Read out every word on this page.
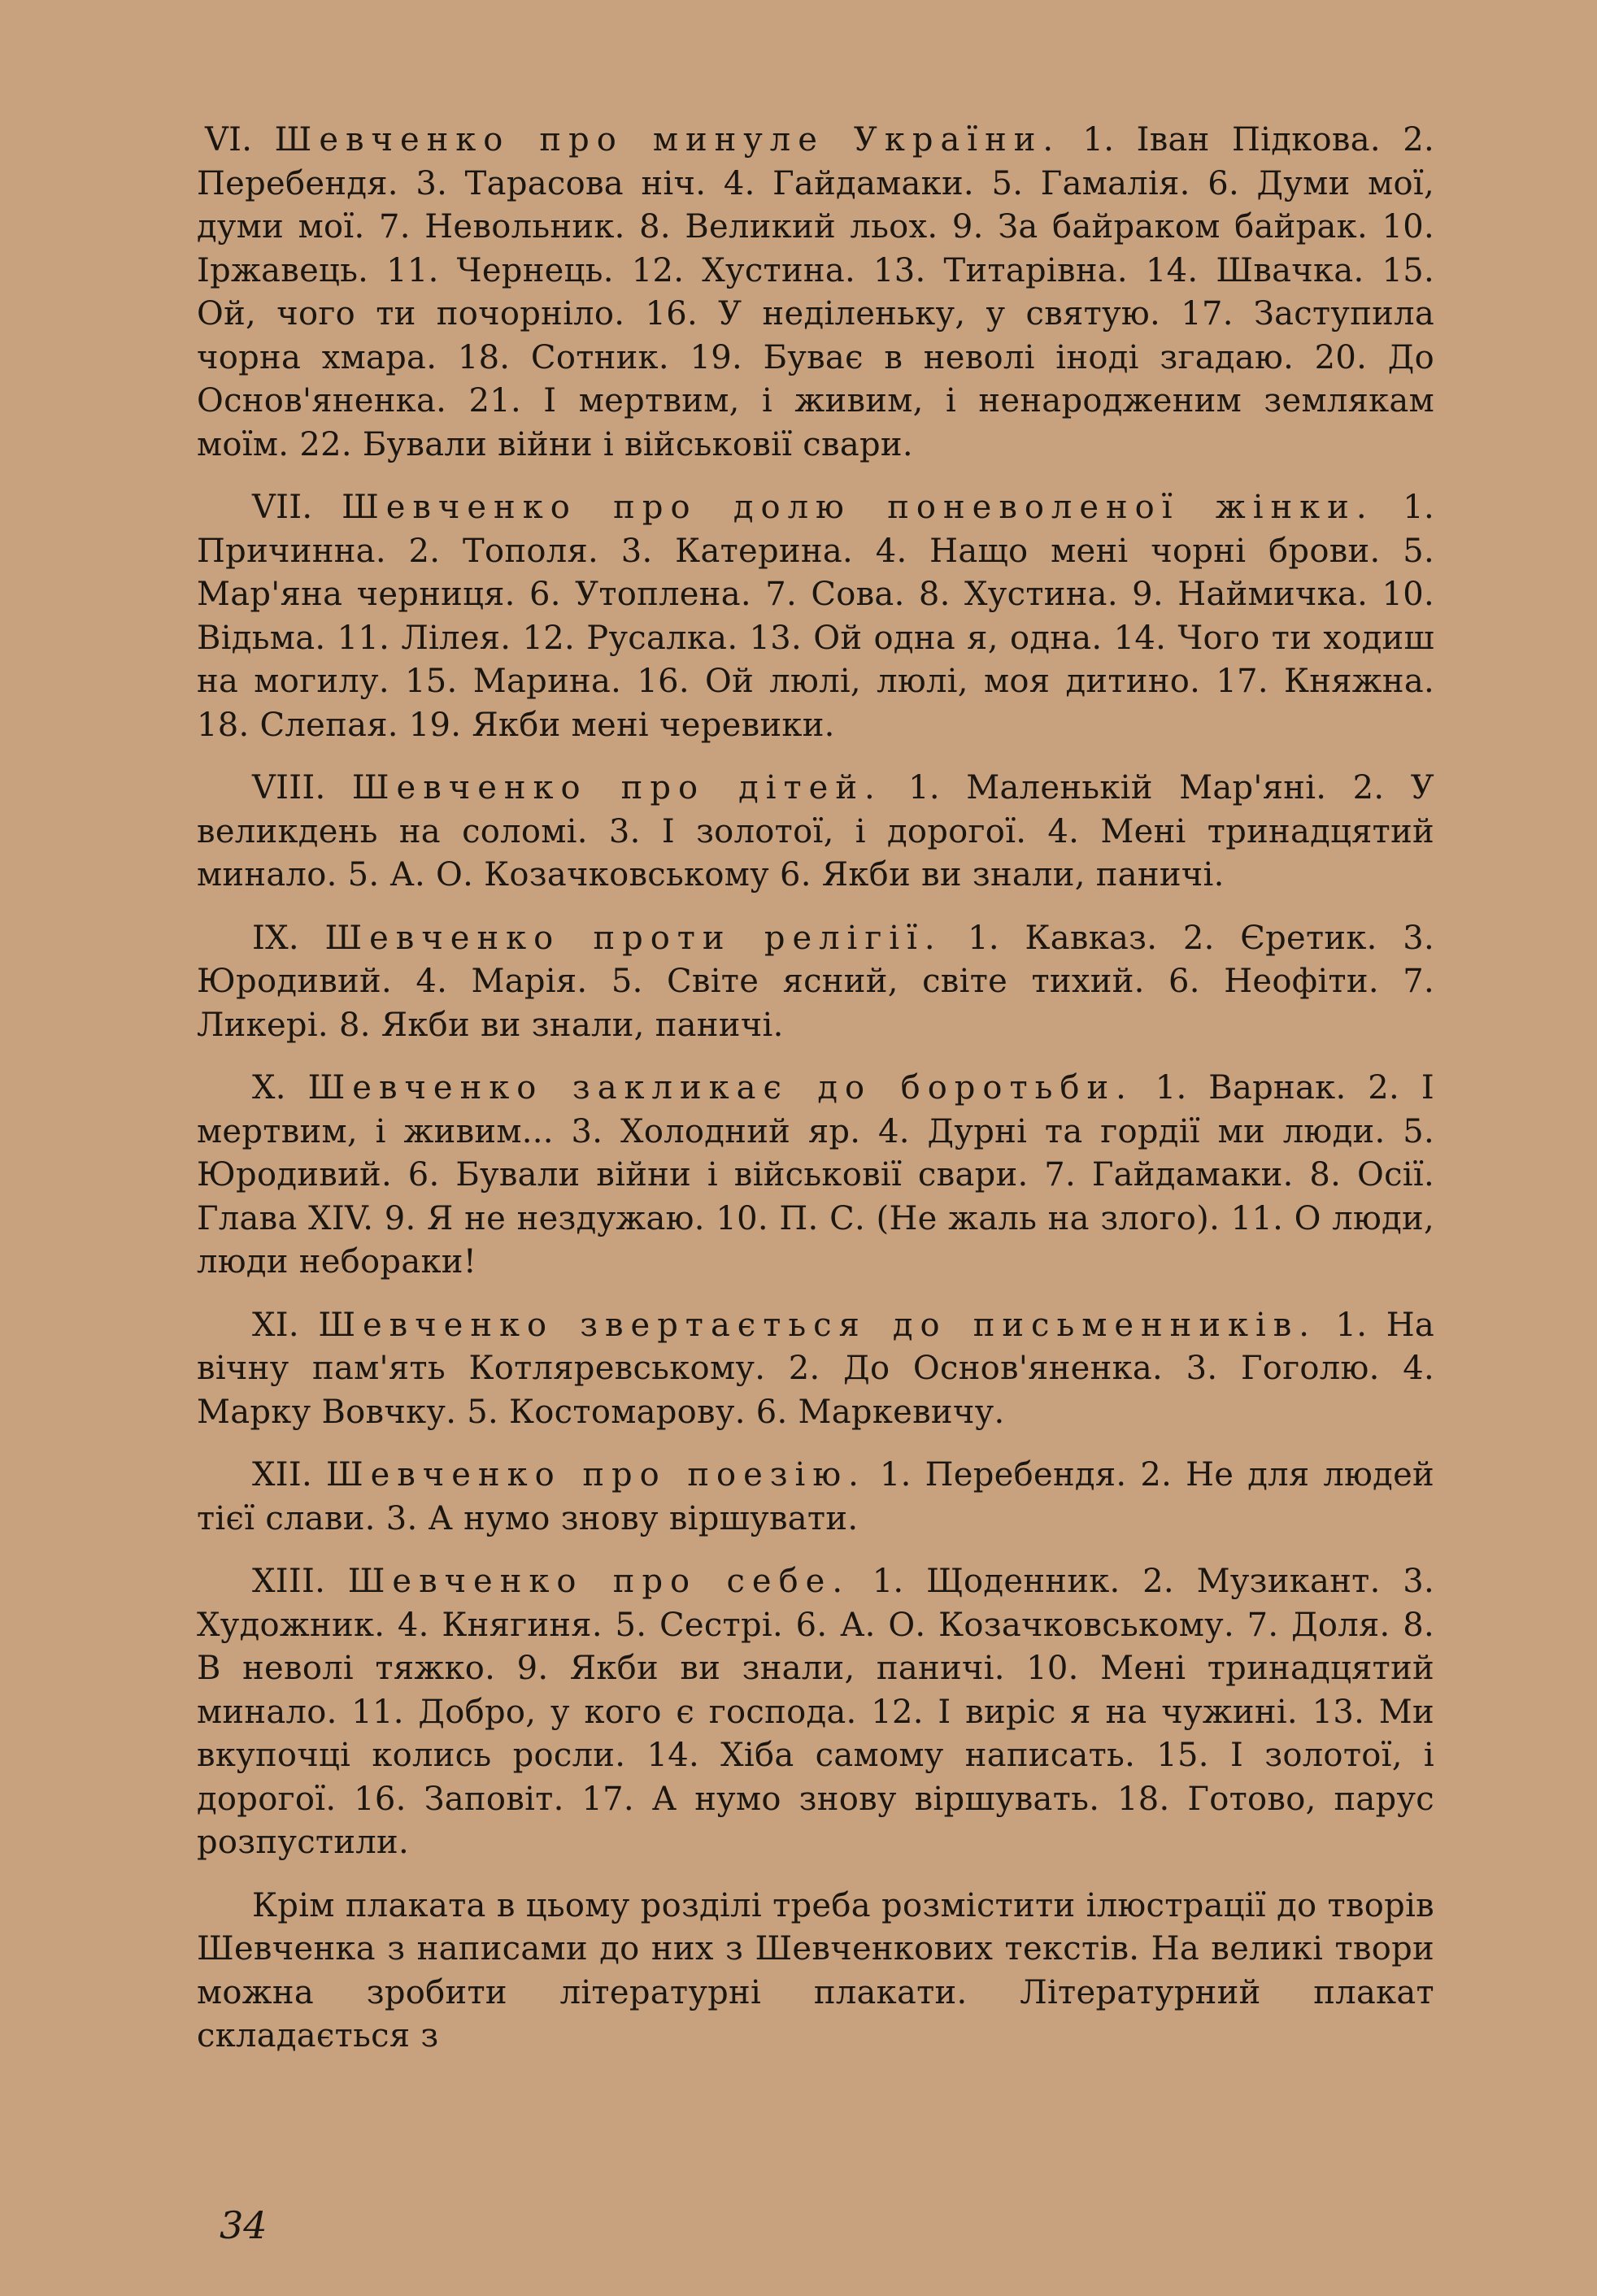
VI. Шевченко про минуле України. 1. Іван Підкова. 2. Перебендя. 3. Тарасова ніч. 4. Гайдамаки. 5. Гамалія. 6. Думи мої, думи мої. 7. Невольник. 8. Великий льох. 9. За байраком байрак. 10. Іржавець. 11. Чернець. 12. Хустина. 13. Титарівна. 14. Швачка. 15. Ой, чого ти почорніло. 16. У неділеньку, у святую. 17. Заступила чорна хмара. 18. Сотник. 19. Буває в неволі іноді згадаю. 20. До Основ'яненка. 21. І мертвим, і живим, і ненародженим землякам моїм. 22. Бували війни і військовії свари.

VII. Шевченко про долю поневоленої жінки. 1. Причинна. 2. Тополя. 3. Катерина. 4. Нащо мені чорні брови. 5. Мар'яна черниця. 6. Утоплена. 7. Сова. 8. Хустина. 9. Наймичка. 10. Відьма. 11. Лілея. 12. Русалка. 13. Ой одна я, одна. 14. Чого ти ходиш на могилу. 15. Марина. 16. Ой люлі, люлі, моя дитино. 17. Княжна. 18. Слепая. 19. Якби мені черевики.

VIII. Шевченко про дітей. 1. Маленькій Мар'яні. 2. У великдень на соломі. 3. І золотої, і дорогої. 4. Мені тринадцятий минало. 5. А. О. Козачковському 6. Якби ви знали, паничі.

IX. Шевченко проти релігії. 1. Кавказ. 2. Єретик. 3. Юродивий. 4. Марія. 5. Світе ясний, світе тихий. 6. Неофіти. 7. Ликері. 8. Якби ви знали, паничі.

X. Шевченко закликає до боротьби. 1. Варнак. 2. І мертвим, і живим... 3. Холодний яр. 4. Дурні та гордії ми люди. 5. Юродивий. 6. Бували війни і військовії свари. 7. Гайдамаки. 8. Осії. Глава XIV. 9. Я не нездужаю. 10. П. С. (Не жаль на злого). 11. О люди, люди небораки!

XI. Шевченко звертається до письменників. 1. На вічну пам'ять Котляревському. 2. До Основ'яненка. 3. Гоголю. 4. Марку Вовчку. 5. Костомарову. 6. Маркевичу.

XII. Шевченко про поезію. 1. Перебендя. 2. Не для людей тієї слави. 3. А нумо знову віршувати.

XIII. Шевченко про себе. 1. Щоденник. 2. Музикант. 3. Художник. 4. Княгиня. 5. Сестрі. 6. А. О. Козачковському. 7. Доля. 8. В неволі тяжко. 9. Якби ви знали, паничі. 10. Мені тринадцятий минало. 11. Добро, у кого є господа. 12. І виріс я на чужині. 13. Ми вкупочці колись росли. 14. Хіба самому написать. 15. І золотої, і дорогої. 16. Заповіт. 17. А нумо знову віршувать. 18. Готово, парус розпустили.

Крім плаката в цьому розділі треба розмістити ілюстрації до творів Шевченка з написами до них з Шевченкових текстів. На великі твори можна зробити літературні плакати. Літературний плакат складається з

34
